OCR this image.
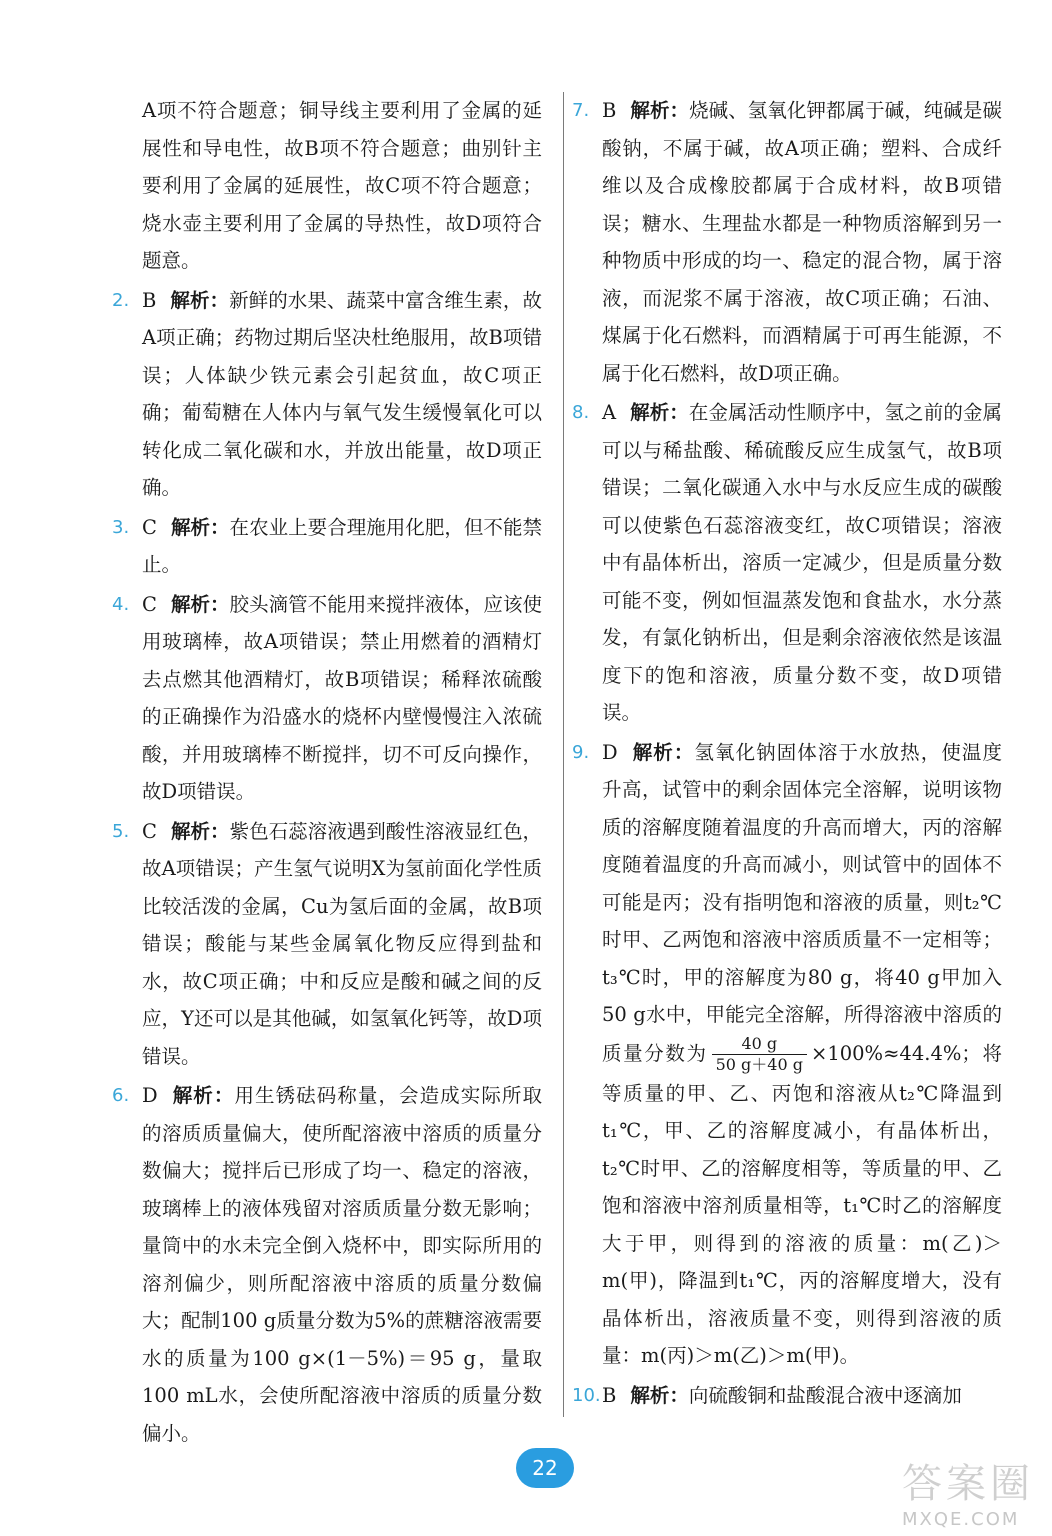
A项不符合题意；铜导线主要利用了金属的延展性和导电性，故B项不符合题意；曲别针主要利用了金属的延展性，故C项不符合题意；烧水壶主要利用了金属的导热性，故D项符合题意。
2. B 解析：新鲜的水果、蔬菜中富含维生素，故A项正确；药物过期后坚决杜绝服用，故B项错误；人体缺少铁元素会引起贫血，故C项正确；葡萄糖在人体内与氧气发生缓慢氧化可以转化成二氧化碳和水，并放出能量，故D项正确。
3. C 解析：在农业上要合理施用化肥，但不能禁止。
4. C 解析：胶头滴管不能用来搅拌液体，应该使用玻璃棒，故A项错误；禁止用燃着的酒精灯去点燃其他酒精灯，故B项错误；稀释浓硫酸的正确操作为沿盛水的烧杯内壁慢慢注入浓硫酸，并用玻璃棒不断搅拌，切不可反向操作，故D项错误。
5. C 解析：紫色石蕊溶液遇到酸性溶液显红色，故A项错误；产生氢气说明X为氢前面化学性质比较活泼的金属，Cu为氢后面的金属，故B项错误；酸能与某些金属氧化物反应得到盐和水，故C项正确；中和反应是酸和碱之间的反应，Y还可以是其他碱，如氢氧化钙等，故D项错误。
6. D 解析：用生锈砝码称量，会造成实际所取的溶质质量偏大，使所配溶液中溶质的质量分数偏大；搅拌后已形成了均一、稳定的溶液，玻璃棒上的液体残留对溶质质量分数无影响；量筒中的水未完全倒入烧杯中，即实际所用的溶剂偏少，则所配溶液中溶质的质量分数偏大；配制100 g质量分数为5%的蔗糖溶液需要水的质量为100 g×(1－5%)＝95 g，量取100 mL水，会使所配溶液中溶质的质量分数偏小。
7. B 解析：烧碱、氢氧化钾都属于碱，纯碱是碳酸钠，不属于碱，故A项正确；塑料、合成纤维以及合成橡胶都属于合成材料，故B项错误；糖水、生理盐水都是一种物质溶解到另一种物质中形成的均一、稳定的混合物，属于溶液，而泥浆不属于溶液，故C项正确；石油、煤属于化石燃料，而酒精属于可再生能源，不属于化石燃料，故D项正确。
8. A 解析：在金属活动性顺序中，氢之前的金属可以与稀盐酸、稀硫酸反应生成氢气，故B项错误；二氧化碳通入水中与水反应生成的碳酸可以使紫色石蕊溶液变红，故C项错误；溶液中有晶体析出，溶质一定减少，但是质量分数可能不变，例如恒温蒸发饱和食盐水，水分蒸发，有氯化钠析出，但是剩余溶液依然是该温度下的饱和溶液，质量分数不变，故D项错误。
9. D 解析：氢氧化钠固体溶于水放热，使温度升高，试管中的剩余固体完全溶解，说明该物质的溶解度随着温度的升高而增大，丙的溶解度随着温度的升高而减小，则试管中的固体不可能是丙；没有指明饱和溶液的质量，则t₂℃时甲、乙两饱和溶液中溶质质量不一定相等；t₃℃时，甲的溶解度为80 g，将40 g甲加入50 g水中，甲能完全溶解，所得溶液中溶质的质量分数为 $\frac{40 g}{50 g+40 g} \times 100\%\approx 44.4\%$；将等质量的甲、乙、丙饱和溶液从t₂℃降温到t₁℃，甲、乙的溶解度减小，有晶体析出，t₂℃时甲、乙的溶解度相等，等质量的甲、乙饱和溶液中溶剂质量相等，t₁℃时乙的溶解度大于甲，则得到的溶液的质量：m(乙)＞m(甲)，降温到t₁℃，丙的溶解度增大，没有晶体析出，溶液质量不变，则得到溶液的质量：m(丙)＞m(乙)＞m(甲)。
10. B 解析：向硫酸铜和盐酸混合液中逐滴加
22	答案圈
MXQE.COM
